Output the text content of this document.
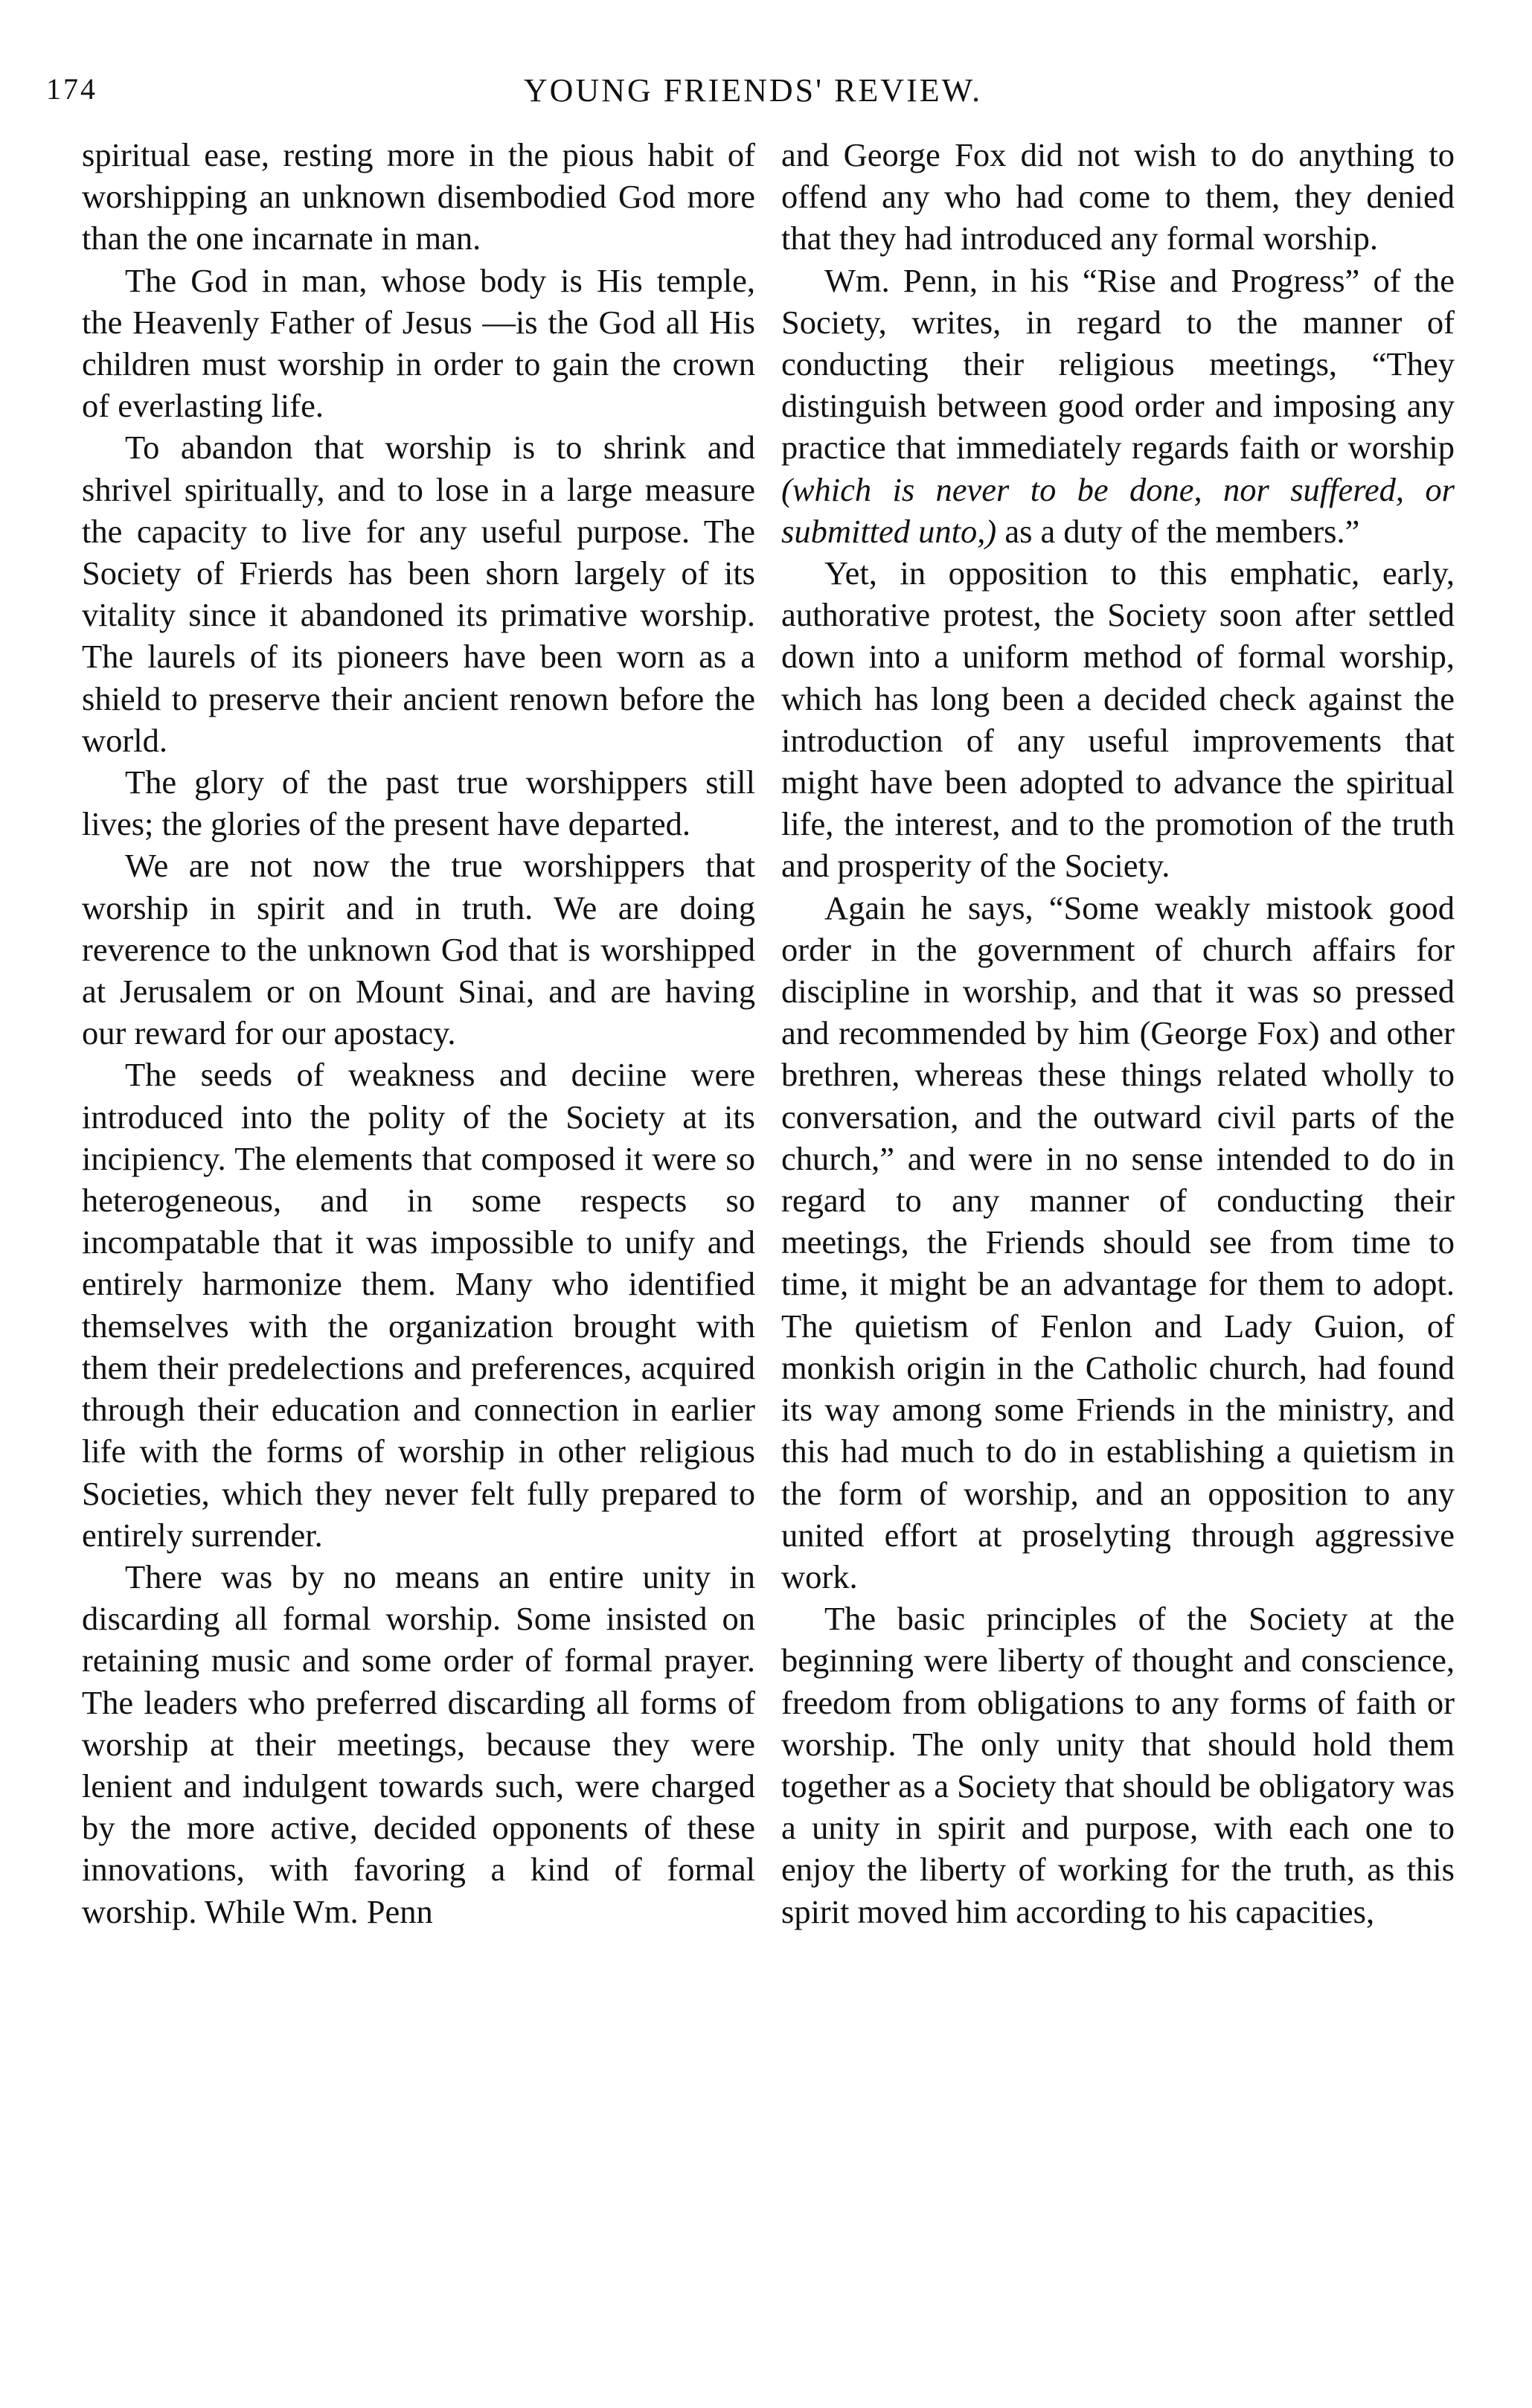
174	YOUNG FRIENDS' REVIEW.

spiritual ease, resting more in the pious habit of worshipping an unknown disembodied God more than the one incarnate in man.

The God in man, whose body is His temple, the Heavenly Father of Jesus —is the God all His children must worship in order to gain the crown of everlasting life.

To abandon that worship is to shrink and shrivel spiritually, and to lose in a large measure the capacity to live for any useful purpose. The Society of Frierds has been shorn largely of its vitality since it abandoned its primative worship. The laurels of its pioneers have been worn as a shield to preserve their ancient renown before the world.

The glory of the past true worshippers still lives; the glories of the present have departed.

We are not now the true worshippers that worship in spirit and in truth. We are doing reverence to the unknown God that is worshipped at Jerusalem or on Mount Sinai, and are having our reward for our apostacy.

The seeds of weakness and deciine were introduced into the polity of the Society at its incipiency. The elements that composed it were so heterogeneous, and in some respects so incompatable that it was impossible to unify and entirely harmonize them. Many who identified themselves with the organization brought with them their predelections and preferences, acquired through their education and connection in earlier life with the forms of worship in other religious Societies, which they never felt fully prepared to entirely surrender.

There was by no means an entire unity in discarding all formal worship. Some insisted on retaining music and some order of formal prayer. The leaders who preferred discarding all forms of worship at their meetings, because they were lenient and indulgent towards such, were charged by the more active, decided opponents of these innovations, with favoring a kind of formal worship. While Wm. Penn

and George Fox did not wish to do anything to offend any who had come to them, they denied that they had introduced any formal worship.

Wm. Penn, in his “Rise and Progress” of the Society, writes, in regard to the manner of conducting their religious meetings, “They distinguish between good order and imposing any practice that immediately regards faith or worship (which is never to be done, nor suffered, or submitted unto,) as a duty of the members.”

Yet, in opposition to this emphatic, early, authorative protest, the Society soon after settled down into a uniform method of formal worship, which has long been a decided check against the introduction of any useful improvements that might have been adopted to advance the spiritual life, the interest, and to the promotion of the truth and prosperity of the Society.

Again he says, “Some weakly mistook good order in the government of church affairs for discipline in worship, and that it was so pressed and recommended by him (George Fox) and other brethren, whereas these things related wholly to conversation, and the outward civil parts of the church,” and were in no sense intended to do in regard to any manner of conducting their meetings, the Friends should see from time to time, it might be an advantage for them to adopt. The quietism of Fenlon and Lady Guion, of monkish origin in the Catholic church, had found its way among some Friends in the ministry, and this had much to do in establishing a quietism in the form of worship, and an opposition to any united effort at proselyting through aggressive work.

The basic principles of the Society at the beginning were liberty of thought and conscience, freedom from obligations to any forms of faith or worship. The only unity that should hold them together as a Society that should be obligatory was a unity in spirit and purpose, with each one to enjoy the liberty of working for the truth, as this spirit moved him according to his capacities,
